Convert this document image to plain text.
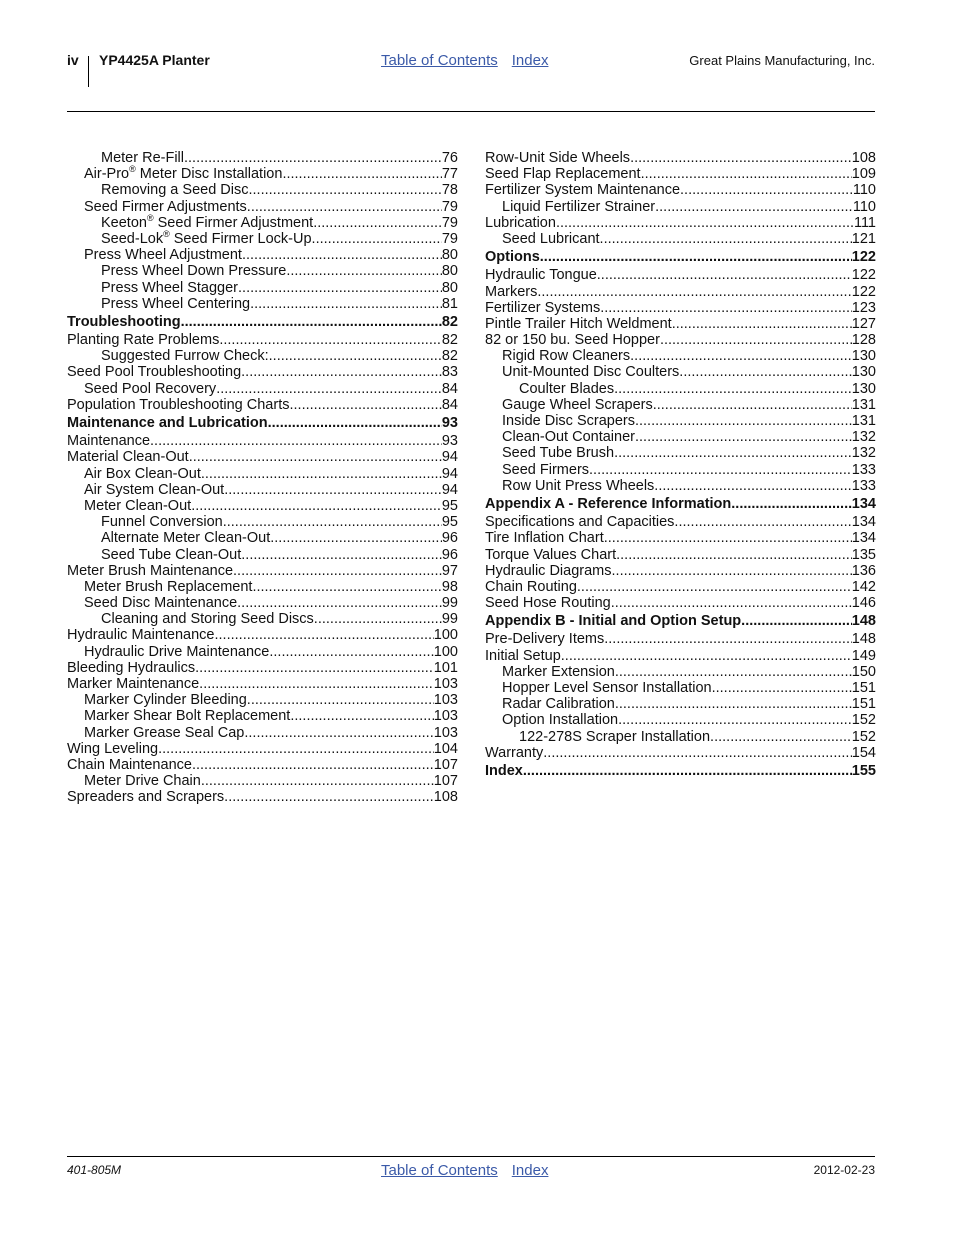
iv YP4425A Planter	Table of Contents Index	Great Plains Manufacturing, Inc.
Meter Re-Fill .....	76
Air-Pro® Meter Disc Installation .....	77
Removing a Seed Disc .....	78
Seed Firmer Adjustments .....	79
Keeton® Seed Firmer Adjustment .....	79
Seed-Lok® Seed Firmer Lock-Up .....	79
Press Wheel Adjustment .....	80
Press Wheel Down Pressure .....	80
Press Wheel Stagger .....	80
Press Wheel Centering .....	81
Troubleshooting .....	82
Planting Rate Problems .....	82
Suggested Furrow Check: .....	82
Seed Pool Troubleshooting .....	83
Seed Pool Recovery .....	84
Population Troubleshooting Charts .....	84
Maintenance and Lubrication .....	93
Maintenance .....	93
Material Clean-Out .....	94
Air Box Clean-Out .....	94
Air System Clean-Out .....	94
Meter Clean-Out .....	95
Funnel Conversion .....	95
Alternate Meter Clean-Out .....	96
Seed Tube Clean-Out .....	96
Meter Brush Maintenance .....	97
Meter Brush Replacement .....	98
Seed Disc Maintenance .....	99
Cleaning and Storing Seed Discs .....	99
Hydraulic Maintenance .....	100
Hydraulic Drive Maintenance .....	100
Bleeding Hydraulics .....	101
Marker Maintenance .....	103
Marker Cylinder Bleeding .....	103
Marker Shear Bolt Replacement .....	103
Marker Grease Seal Cap .....	103
Wing Leveling .....	104
Chain Maintenance .....	107
Meter Drive Chain .....	107
Spreaders and Scrapers .....	108
Row-Unit Side Wheels .....	108
Seed Flap Replacement .....	109
Fertilizer System Maintenance .....	110
Liquid Fertilizer Strainer .....	110
Lubrication .....	111
Seed Lubricant .....	121
Options .....	122
Hydraulic Tongue .....	122
Markers .....	122
Fertilizer Systems .....	123
Pintle Trailer Hitch Weldment .....	127
82 or 150 bu. Seed Hopper .....	128
Rigid Row Cleaners .....	130
Unit-Mounted Disc Coulters .....	130
Coulter Blades .....	130
Gauge Wheel Scrapers .....	131
Inside Disc Scrapers .....	131
Clean-Out Container .....	132
Seed Tube Brush .....	132
Seed Firmers .....	133
Row Unit Press Wheels .....	133
Appendix A - Reference Information .....	134
Specifications and Capacities .....	134
Tire Inflation Chart .....	134
Torque Values Chart .....	135
Hydraulic Diagrams .....	136
Chain Routing .....	142
Seed Hose Routing .....	146
Appendix B - Initial and Option Setup .....	148
Pre-Delivery Items .....	148
Initial Setup .....	149
Marker Extension .....	150
Hopper Level Sensor Installation .....	151
Radar Calibration .....	151
Option Installation .....	152
122-278S Scraper Installation .....	152
Warranty .....	154
Index .....	155
401-805M	Table of Contents Index	2012-02-23
